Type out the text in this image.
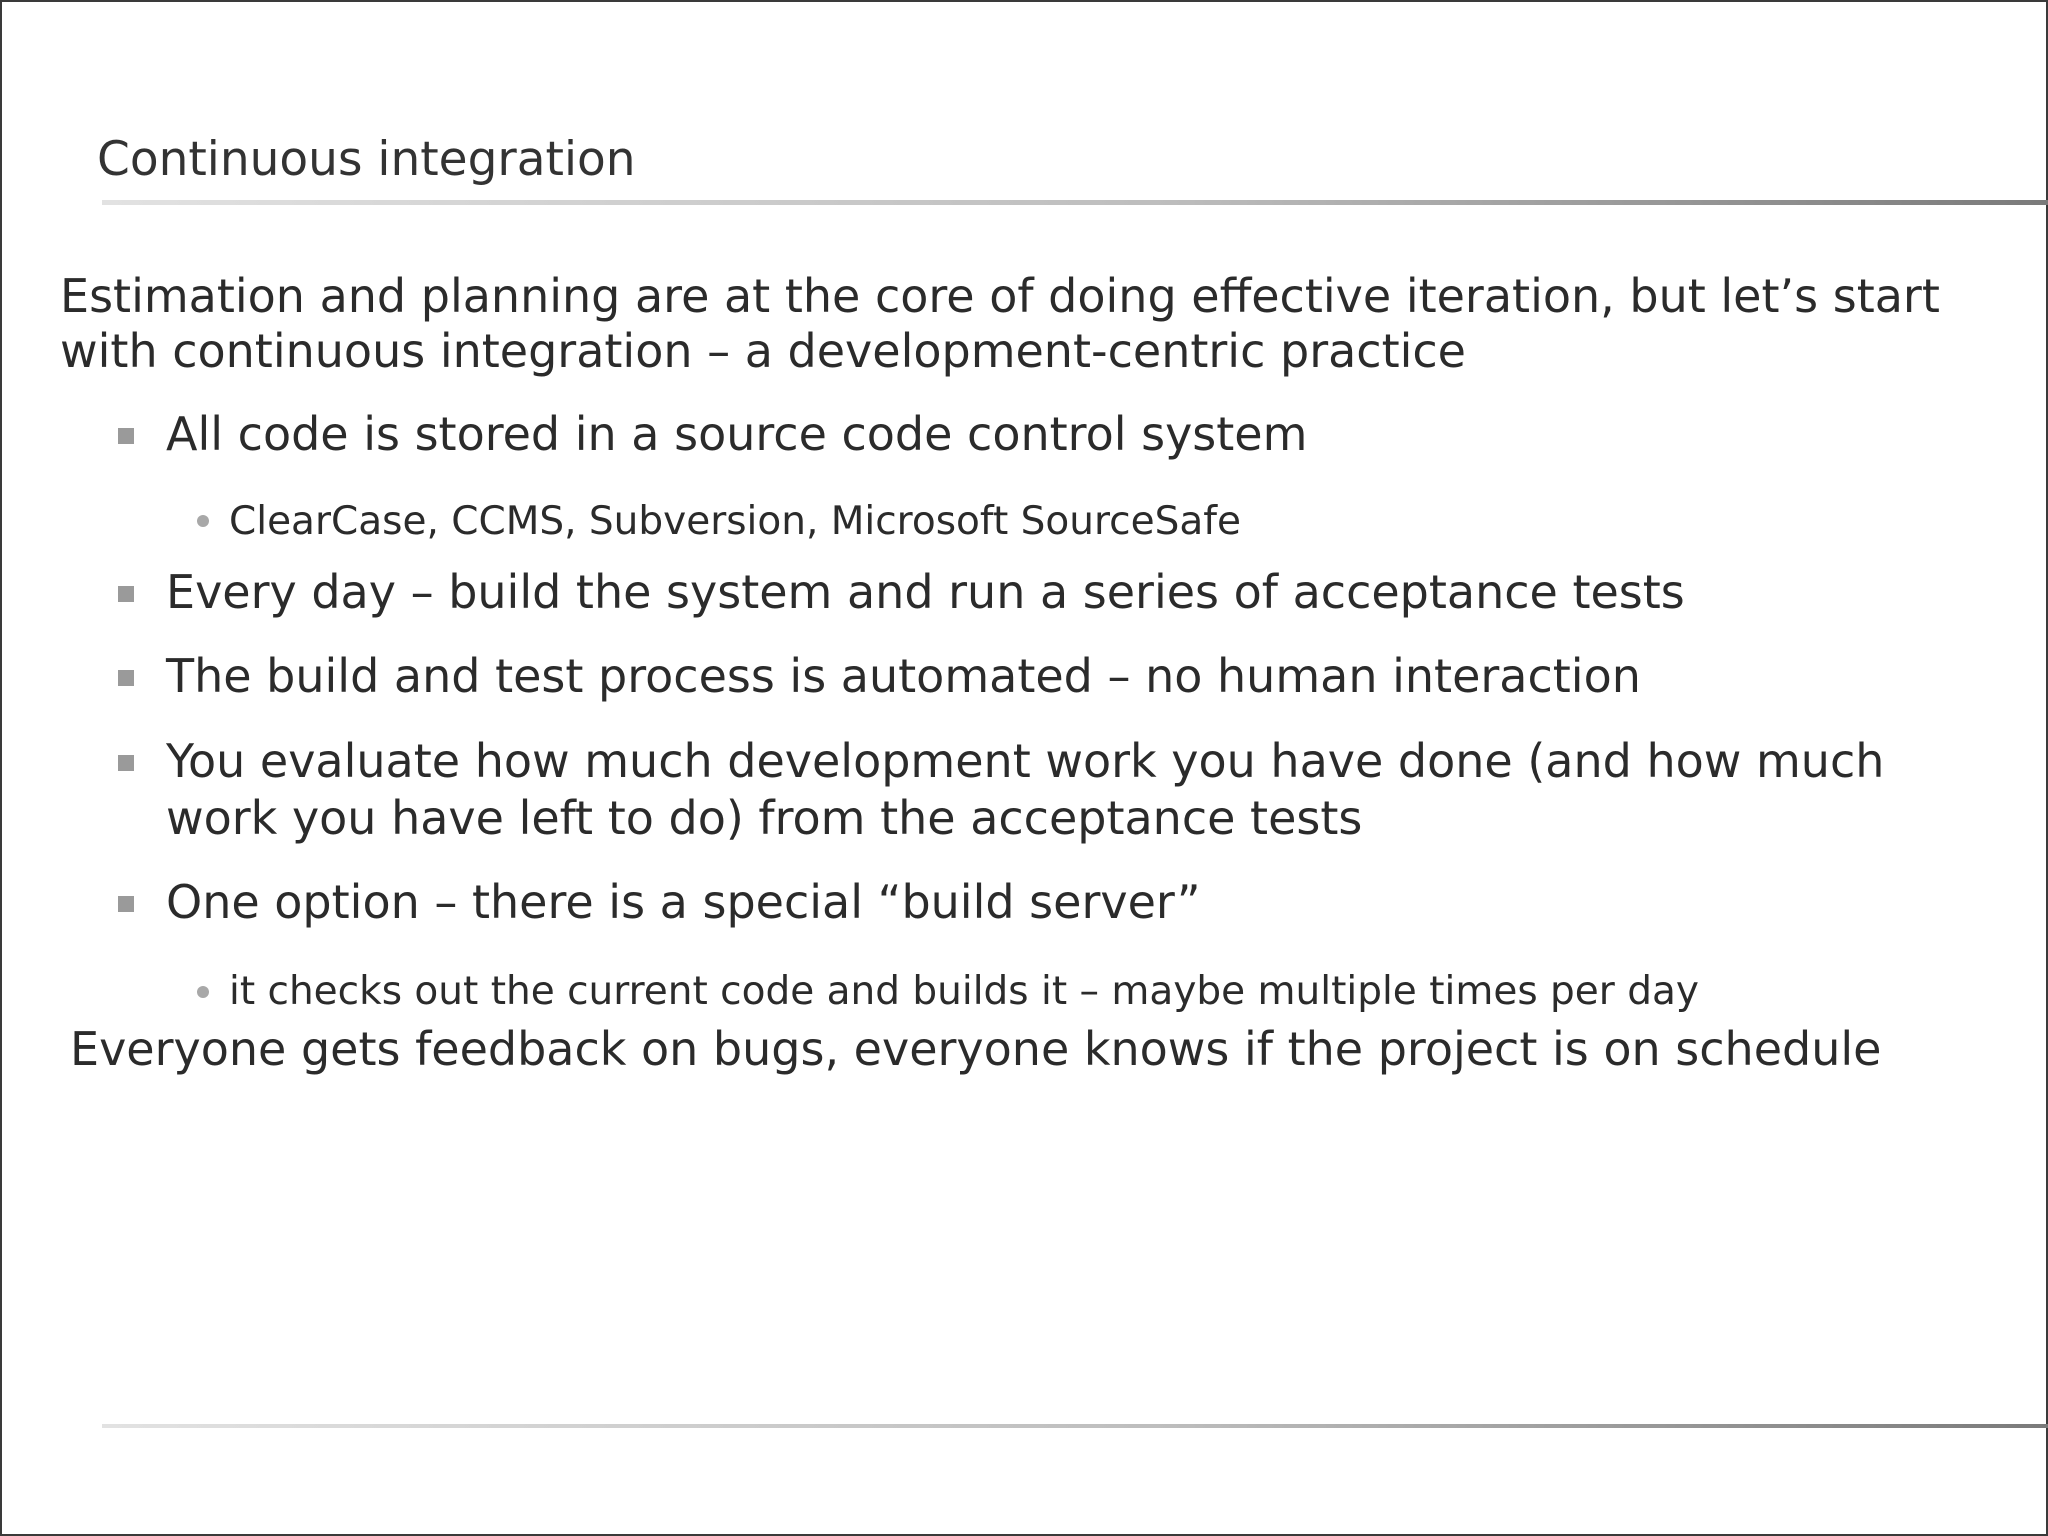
Continuous integration
Estimation and planning are at the core of doing effective iteration, but let’s start
with continuous integration – a development-centric practice
All code is stored in a source code control system
ClearCase, CCMS, Subversion, Microsoft SourceSafe
Every day – build the system and run a series of acceptance tests
The build and test process is automated – no human interaction
You evaluate how much development work you have done (and how much
work you have left to do) from the acceptance tests
One option – there is a special “build server”
it checks out the current code and builds it – maybe multiple times per day
Everyone gets feedback on bugs, everyone knows if the project is on schedule
